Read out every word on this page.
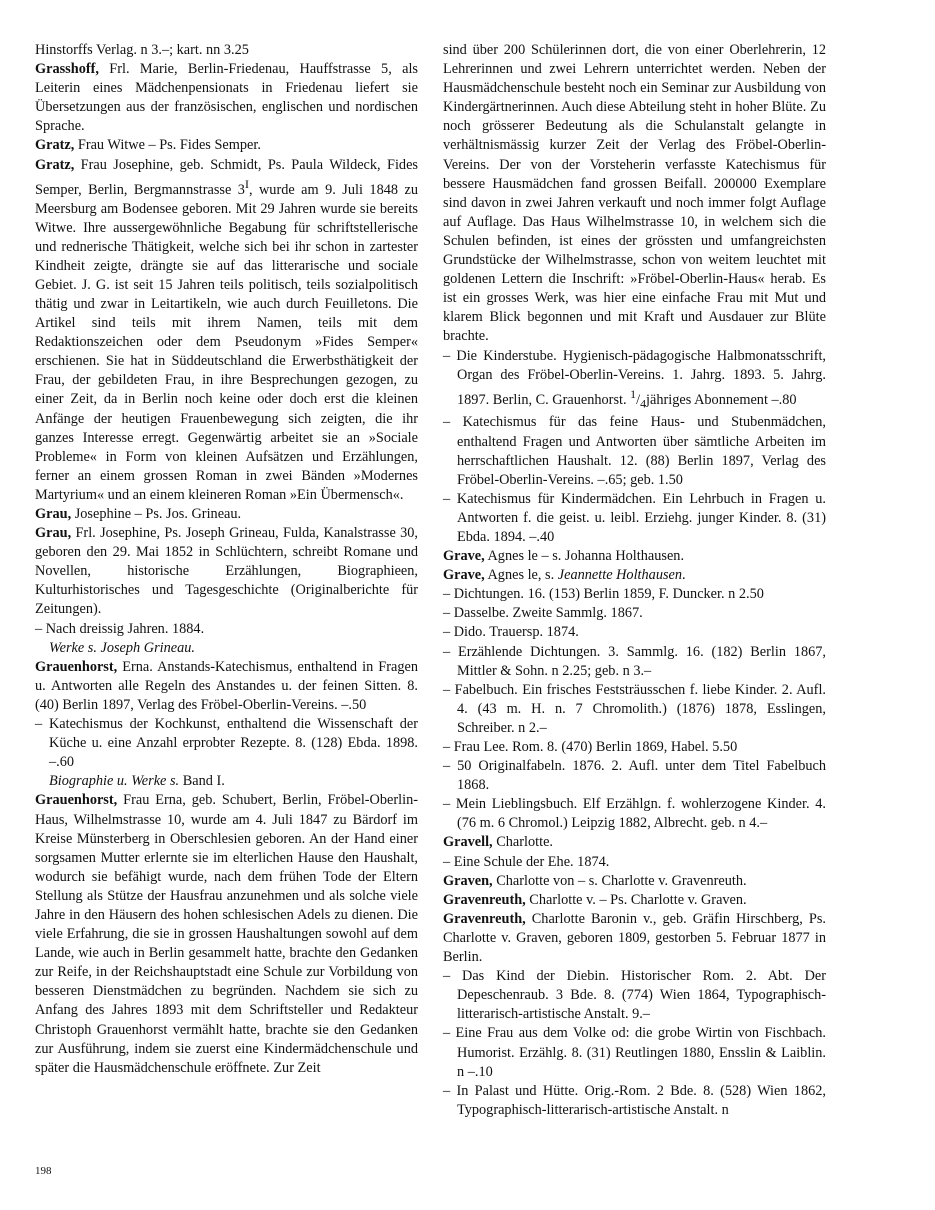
Hinstorffs Verlag. n 3.–; kart. nn 3.25

Grasshoff, Frl. Marie, Berlin-Friedenau, Hauffstrasse 5, als Leiterin eines Mädchenpensionats in Friedenau liefert sie Übersetzungen aus der französischen, englischen und nordischen Sprache.

Gratz, Frau Witwe – Ps. Fides Semper.

Gratz, Frau Josephine, geb. Schmidt, Ps. Paula Wildeck, Fides Semper, Berlin, Bergmannstrasse $3^I$, wurde am 9. Juli 1848 zu Meersburg am Bodensee geboren. Mit 29 Jahren wurde sie bereits Witwe. Ihre aussergewöhnliche Begabung für schriftstellerische und rednerische Thätigkeit, welche sich bei ihr schon in zartester Kindheit zeigte, drängte sie auf das litterarische und sociale Gebiet. J. G. ist seit 15 Jahren teils politisch, teils sozialpolitisch thätig und zwar in Leitartikeln, wie auch durch Feuilletons. Die Artikel sind teils mit ihrem Namen, teils mit dem Redaktionszeichen oder dem Pseudonym »Fides Semper« erschienen. Sie hat in Süddeutschland die Erwerbsthätigkeit der Frau, der gebildeten Frau, in ihre Besprechungen gezogen, zu einer Zeit, da in Berlin noch keine oder doch erst die kleinen Anfänge der heutigen Frauenbewegung sich zeigten, die ihr ganzes Interesse erregt. Gegenwärtig arbeitet sie an »Sociale Probleme« in Form von kleinen Aufsätzen und Erzählungen, ferner an einem grossen Roman in zwei Bänden »Modernes Martyrium« und an einem kleineren Roman »Ein Übermensch«.

Grau, Josephine – Ps. Jos. Grineau.

Grau, Frl. Josephine, Ps. Joseph Grineau, Fulda, Kanalstrasse 30, geboren den 29. Mai 1852 in Schlüchtern, schreibt Romane und Novellen, historische Erzählungen, Biographieen, Kulturhistorisches und Tagesgeschichte (Originalberichte für Zeitungen).

– Nach dreissig Jahren. 1884.

Werke s. Joseph Grineau.

Grauenhorst, Erna. Anstands-Katechismus, enthaltend in Fragen u. Antworten alle Regeln des Anstandes u. der feinen Sitten. 8. (40) Berlin 1897, Verlag des Fröbel-Oberlin-Vereins. –.50

– Katechismus der Kochkunst, enthaltend die Wissenschaft der Küche u. eine Anzahl erprobter Rezepte. 8. (128) Ebda. 1898. –.60

Biographie u. Werke s. Band I.

Grauenhorst, Frau Erna, geb. Schubert, Berlin, Fröbel-Oberlin-Haus, Wilhelmstrasse 10, wurde am 4. Juli 1847 zu Bärdorf im Kreise Münsterberg in Oberschlesien geboren. An der Hand einer sorgsamen Mutter erlernte sie im elterlichen Hause den Haushalt, wodurch sie befähigt wurde, nach dem frühen Tode der Eltern Stellung als Stütze der Hausfrau anzunehmen und als solche viele Jahre in den Häusern des hohen schlesischen Adels zu dienen. Die viele Erfahrung, die sie in grossen Haushaltungen sowohl auf dem Lande, wie auch in Berlin gesammelt hatte, brachte den Gedanken zur Reife, in der Reichshauptstadt eine Schule zur Vorbildung von besseren Dienstmädchen zu begründen. Nachdem sie sich zu Anfang des Jahres 1893 mit dem Schriftsteller und Redakteur Christoph Grauenhorst vermählt hatte, brachte sie den Gedanken zur Ausführung, indem sie zuerst eine Kindermädchenschule und später die Hausmädchenschule eröffnete. Zur Zeit

sind über 200 Schülerinnen dort, die von einer Oberlehrerin, 12 Lehrerinnen und zwei Lehrern unterrichtet werden. Neben der Hausmädchenschule besteht noch ein Seminar zur Ausbildung von Kindergärtnerinnen. Auch diese Abteilung steht in hoher Blüte. Zu noch grösserer Bedeutung als die Schulanstalt gelangte in verhältnismässig kurzer Zeit der Verlag des Fröbel-Oberlin-Vereins. Der von der Vorsteherin verfasste Katechismus für bessere Hausmädchen fand grossen Beifall. 200000 Exemplare sind davon in zwei Jahren verkauft und noch immer folgt Auflage auf Auflage. Das Haus Wilhelmstrasse 10, in welchem sich die Schulen befinden, ist eines der grössten und umfangreichsten Grundstücke der Wilhelmstrasse, schon von weitem leuchtet mit goldenen Lettern die Inschrift: »Fröbel-Oberlin-Haus« herab. Es ist ein grosses Werk, was hier eine einfache Frau mit Mut und klarem Blick begonnen und mit Kraft und Ausdauer zur Blüte brachte.

– Die Kinderstube. Hygienisch-pädagogische Halbmonatsschrift, Organ des Fröbel-Oberlin-Vereins. 1. Jahrg. 1893. 5. Jahrg. 1897. Berlin, C. Grauenhorst. $^1/_4jähriges$ Abonnement –.80

– Katechismus für das feine Haus- und Stubenmädchen, enthaltend Fragen und Antworten über sämtliche Arbeiten im herrschaftlichen Haushalt. 12. (88) Berlin 1897, Verlag des Fröbel-Oberlin-Vereins. –.65; geb. 1.50

– Katechismus für Kindermädchen. Ein Lehrbuch in Fragen u. Antworten f. die geist. u. leibl. Erziehg. junger Kinder. 8. (31) Ebda. 1894. –.40

Grave, Agnes le – s. Johanna Holthausen.

Grave, Agnes le, s. Jeannette Holthausen.

– Dichtungen. 16. (153) Berlin 1859, F. Duncker. n 2.50

– Dasselbe. Zweite Sammlg. 1867.

– Dido. Trauersp. 1874.

– Erzählende Dichtungen. 3. Sammlg. 16. (182) Berlin 1867, Mittler & Sohn. n 2.25; geb. n 3.–

– Fabelbuch. Ein frisches Feststräusschen f. liebe Kinder. 2. Aufl. 4. (43 m. H. n. 7 Chromolith.) (1876) 1878, Esslingen, Schreiber. n 2.–

– Frau Lee. Rom. 8. (470) Berlin 1869, Habel. 5.50

– 50 Originalfabeln. 1876. 2. Aufl. unter dem Titel Fabelbuch 1868.

– Mein Lieblingsbuch. Elf Erzählgn. f. wohlerzogene Kinder. 4. (76 m. 6 Chromol.) Leipzig 1882, Albrecht. geb. n 4.–

Gravell, Charlotte.

– Eine Schule der Ehe. 1874.

Graven, Charlotte von – s. Charlotte v. Gravenreuth.

Gravenreuth, Charlotte v. – Ps. Charlotte v. Graven.

Gravenreuth, Charlotte Baronin v., geb. Gräfin Hirschberg, Ps. Charlotte v. Graven, geboren 1809, gestorben 5. Februar 1877 in Berlin.

– Das Kind der Diebin. Historischer Rom. 2. Abt. Der Depeschenraub. 3 Bde. 8. (774) Wien 1864, Typographisch-litterarisch-artistische Anstalt. 9.–

– Eine Frau aus dem Volke od: die grobe Wirtin von Fischbach. Humorist. Erzählg. 8. (31) Reutlingen 1880, Ensslin & Laiblin. n –.10

– In Palast und Hütte. Orig.-Rom. 2 Bde. 8. (528) Wien 1862, Typographisch-litterarisch-artistische Anstalt. n

198
